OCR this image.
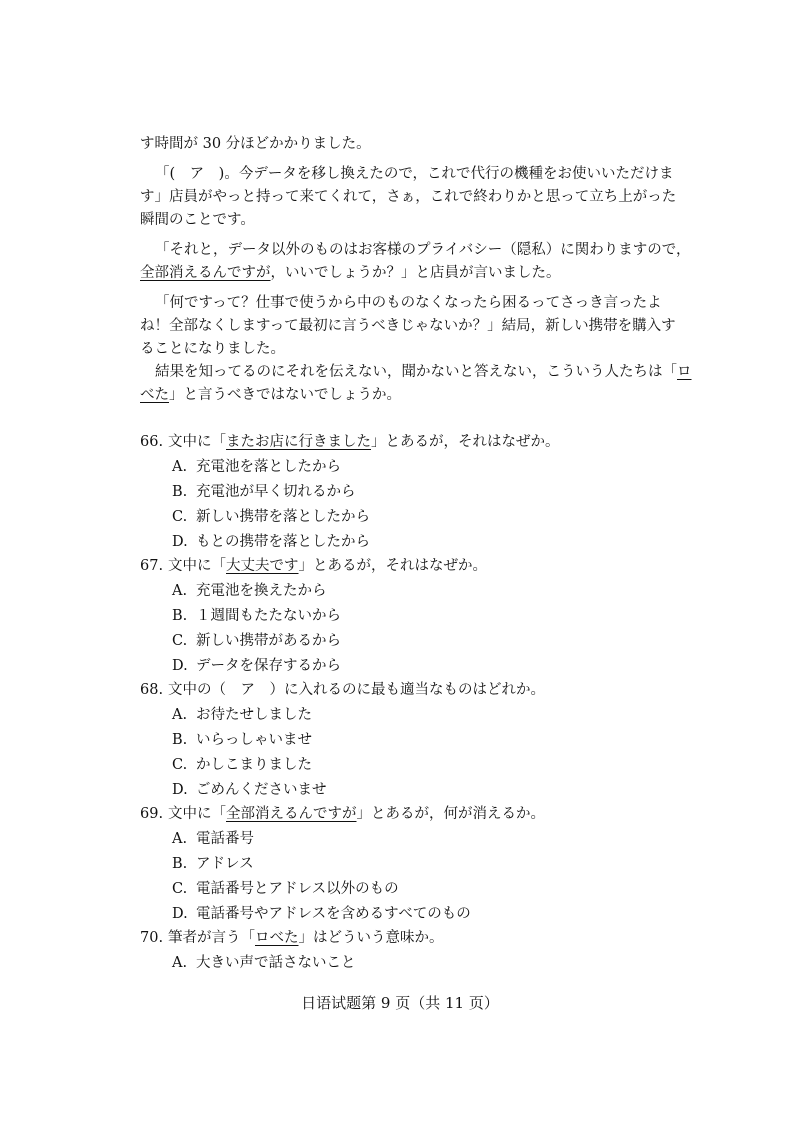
す時間が 30 分ほどかかりました。
「(　ア　)。今データを移し換えたので，これで代行の機種をお使いいただけま
す」店員がやっと持って来てくれて，さぁ，これで終わりかと思って立ち上がった
瞬間のことです。
「それと，データ以外のものはお客様のプライバシー（隠私）に関わりますので，
全部消えるんですが，いいでしょうか？」と店員が言いました。
「何ですって？仕事で使うから中のものなくなったら困るってさっき言ったよ
ね！全部なくしますって最初に言うべきじゃないか？」結局，新しい携帯を購入す
ることになりました。
結果を知ってるのにそれを伝えない，聞かないと答えない，こういう人たちは「ロ
べた」と言うべきではないでしょうか。
66. 文中に「またお店に行きました」とあるが，それはなぜか。
A. 充電池を落としたから
B. 充電池が早く切れるから
C. 新しい携帯を落としたから
D. もとの携帯を落としたから
67. 文中に「大丈夫です」とあるが，それはなぜか。
A. 充電池を換えたから
B. １週間もたたないから
C. 新しい携帯があるから
D. データを保存するから
68. 文中の（　ア　）に入れるのに最も適当なものはどれか。
A. お待たせしました
B. いらっしゃいませ
C. かしこまりました
D. ごめんくださいませ
69. 文中に「全部消えるんですが」とあるが，何が消えるか。
A. 電話番号
B. アドレス
C. 電話番号とアドレス以外のもの
D. 電話番号やアドレスを含めるすべてのもの
70. 筆者が言う「ロべた」はどういう意味か。
A. 大きい声で話さないこと
日语试题第 9 页（共 11 页）
